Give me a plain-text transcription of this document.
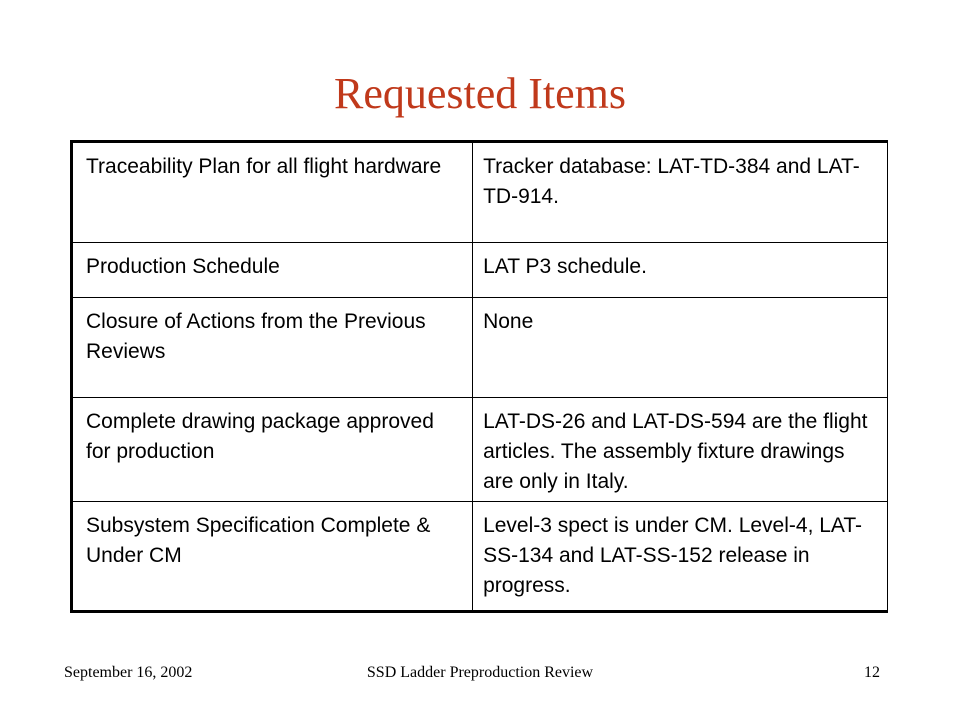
Requested Items
Traceability Plan for all flight hardware	Tracker database: LAT-TD-384 and LAT-TD-914.
Production Schedule	LAT P3 schedule.
Closure of Actions from the Previous Reviews	None
Complete drawing package approved for production	LAT-DS-26 and LAT-DS-594 are the flight articles. The assembly fixture drawings are only in Italy.
Subsystem Specification Complete & Under CM	Level-3 spect is under CM. Level-4, LAT-SS-134 and LAT-SS-152 release in progress.
SSD Ladder Preproduction Review
September 16, 2002	12
